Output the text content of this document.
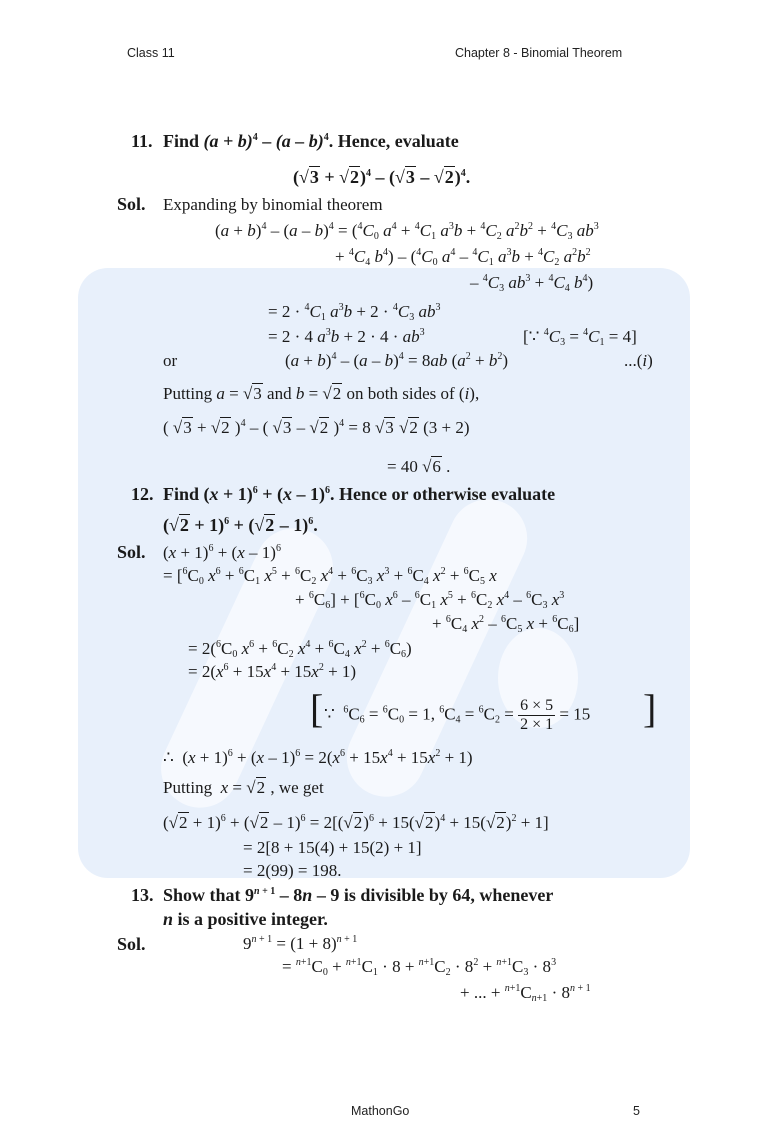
Class 11	Chapter 8 - Binomial Theorem
11. Find $(a + b)^4 - (a - b)^4$. Hence, evaluate
$(√3 + √2)^4 - (√3 - √2)^4$.
Sol. Expanding by binomial theorem
$(a + b)^4 - (a - b)^4 = (^4C_0$ $a^4 + ^4C_1$ $a^3b + ^4C_2$ $a^2b^2 + ^4C_3$ $ab^3$
+ $^4C_4$ $b^4) - (^4C_0$ $a^4 - ^4C_1$ $a^3b + ^4C_2$ $a^2b^2$
– $^4C_3$ $ab^3 + ^4C_4$ $b^4$)
= $2 \cdot ^4C_1$ $a^3b + 2 \cdot ^4C_3$ $ab^3$
= 2 · 4 $a^3b + 2 \cdot 4 \cdot ab^3$	[∵ $^4C_3 = ^4C_1 = 4$]
or	$(a + b)^4 - (a - b)^4 = 8ab$ $(a^2 + b^2)$	...(i)
Putting a = √3 and b = √2 on both sides of (i),
( √3 + √2 )$^4$ – ( √3 – √2 )$^4$ = 8 √3 √2 (3 + 2)
= 40 √6 .
12. Find $(x + 1)^6 + (x - 1)^6$. Hence or otherwise evaluate
$(√2 + 1)^6 + (√2 - 1)^6$.
Sol. $(x + 1)^6 + (x - 1)^6$
= [$^6C_0$ $x^6 + ^6C_1$ $x^5 + ^6C_2$ $x^4 + ^6C_3$ $x^3 + ^6C_4$ $x^2 + ^6C_5$ x
+ $^6C_6] + [^6C_0$ $x^6 - ^6C_1$ $x^5 + ^6C_2$ $x^4 - ^6C_3$ $x^3$
+ $^6C_4$ $x^2 - ^6C_5$ $x + ^6C_6$]
= $2(^6C_0$ $x^6 + ^6C_2$ $x^4 + ^6C_4$ $x^2 + ^6C_6$)
= $2(x^6 + 15x^4 + 15x^2 + 1)$
[ ∵  $^6C_6 = ^6C_0 = 1$, $^6C_4 = ^6C_2 = \frac{6 \times 5}{2 \times 1} = 15$ ]
∴  $(x + 1)^6 + (x - 1)^6 = 2(x^6 + 15x^4 + 15x^2 + 1)$
Putting  x = √2 , we get
$(√2 + 1)^6 + (√2 - 1)^6 = 2[(√2)^6 + 15(√2)^4 + 15(√2)^2 + 1]$
= 2[8 + 15(4) + 15(2) + 1]
= 2(99) = 198.
13. Show that $9^{n + 1} - 8n - 9$ is divisible by 64, whenever
n is a positive integer.
Sol.	$9^{n + 1} = (1 + 8)^{n + 1}$
= $^{n+1}C_0 + ^{n+1}C_1 \cdot 8 + ^{n+1}C_2 \cdot 8^2 + ^{n+1}C_3 \cdot 8^3$
+ ... + $^{n+1}C_{n+1} \cdot 8^{n + 1}$
MathonGo	5
